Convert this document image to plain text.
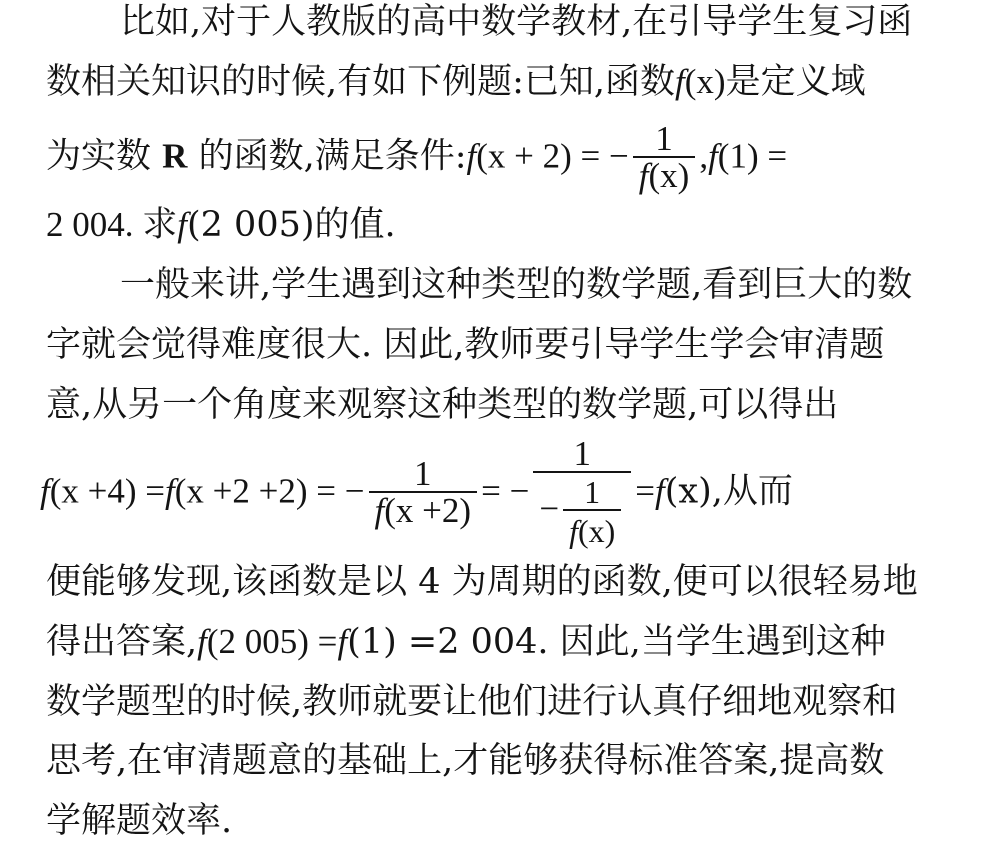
比如,对于人教版的高中数学教材,在引导学生复习函
数相关知识的时候,有如下例题:已知,函数f(x)是定义域
为实数 R 的函数,满足条件:f(x + 2) = − $\frac{1}{f(x)} ,f(1)$ =
2 004. 求f(2 005)的值.
一般来讲,学生遇到这种类型的数学题,看到巨大的数
字就会觉得难度很大. 因此,教师要引导学生学会审清题
意,从另一个角度来观察这种类型的数学题,可以得出
f(x +4) =f(x +2 +2) = − $\frac{1}{f(x +2)}$ = − $\frac{1}{- \frac{1}{f(x)}} =f(x)$,从而
便能够发现,该函数是以 4 为周期的函数,便可以很轻易地
得出答案,f(2 005) =f(1) =2 004. 因此,当学生遇到这种
数学题型的时候,教师就要让他们进行认真仔细地观察和
思考,在审清题意的基础上,才能够获得标准答案,提高数
学解题效率.
